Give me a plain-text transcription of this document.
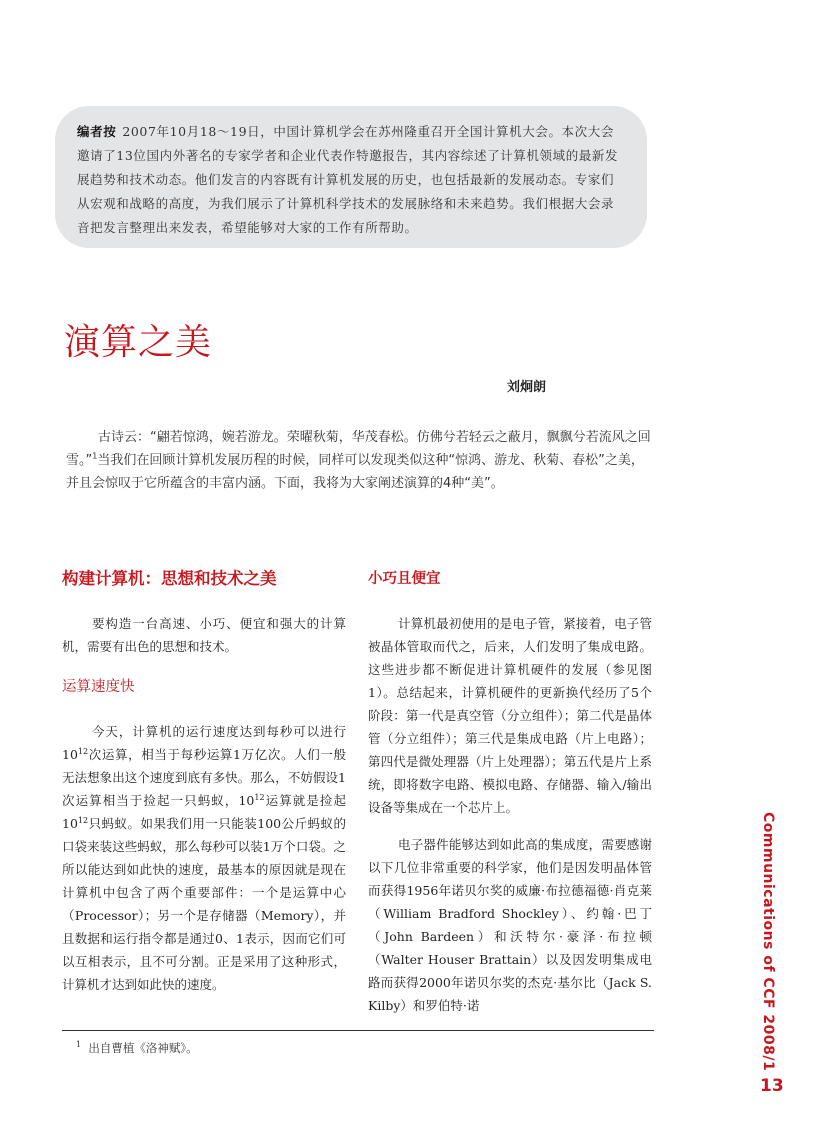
编者按 2007年10月18～19日，中国计算机学会在苏州隆重召开全国计算机大会。本次大会邀请了13位国内外著名的专家学者和企业代表作特邀报告，其内容综述了计算机领域的最新发展趋势和技术动态。他们发言的内容既有计算机发展的历史，也包括最新的发展动态。专家们从宏观和战略的高度，为我们展示了计算机科学技术的发展脉络和未来趋势。我们根据大会录音把发言整理出来发表，希望能够对大家的工作有所帮助。
演算之美
刘炯朗

古诗云：“翩若惊鸿，婉若游龙。荣曜秋菊，华茂春松。仿佛兮若轻云之蔽月，飘飘兮若流风之回雪。”$^1$当我们在回顾计算机发展历程的时候，同样可以发现类似这种“惊鸿、游龙、秋菊、春松”之美，并且会惊叹于它所蕴含的丰富内涵。下面，我将为大家阐述演算的4种“美”。

构建计算机：思想和技术之美

要构造一台高速、小巧、便宜和强大的计算机，需要有出色的思想和技术。

运算速度快

今天，计算机的运行速度达到每秒可以进行$10^{12}$次运算，相当于每秒运算1万亿次。人们一般无法想象出这个速度到底有多快。那么，不妨假设1次运算相当于捡起一只蚂蚁，$10^{12}$运算就是捡起$10^{12}$只蚂蚁。如果我们用一只能装100公斤蚂蚁的口袋来装这些蚂蚁，那么每秒可以装1万个口袋。之所以能达到如此快的速度，最基本的原因就是现在计算机中包含了两个重要部件：一个是运算中心（Processor）；另一个是存储器（Memory），并且数据和运行指令都是通过0、1表示，因而它们可以互相表示，且不可分割。正是采用了这种形式，计算机才达到如此快的速度。

小巧且便宜

计算机最初使用的是电子管，紧接着，电子管被晶体管取而代之，后来，人们发明了集成电路。这些进步都不断促进计算机硬件的发展（参见图1）。总结起来，计算机硬件的更新换代经历了5个阶段：第一代是真空管（分立组件）；第二代是晶体管（分立组件）；第三代是集成电路（片上电路）；第四代是微处理器（片上处理器）；第五代是片上系统，即将数字电路、模拟电路、存储器、输入/输出设备等集成在一个芯片上。

电子器件能够达到如此高的集成度，需要感谢以下几位非常重要的科学家，他们是因发明晶体管而获得1956年诺贝尔奖的威廉·布拉德福德·肖克莱（William Bradford Shockley）、约翰·巴丁（John Bardeen）和沃特尔·豪泽·布拉顿（Walter Houser Brattain）以及因发明集成电路而获得2000年诺贝尔奖的杰克·基尔比（Jack S. Kilby）和罗伯特·诺

$^1$ 出自曹植《洛神赋》。	Communications of CCF 2008/1
13
